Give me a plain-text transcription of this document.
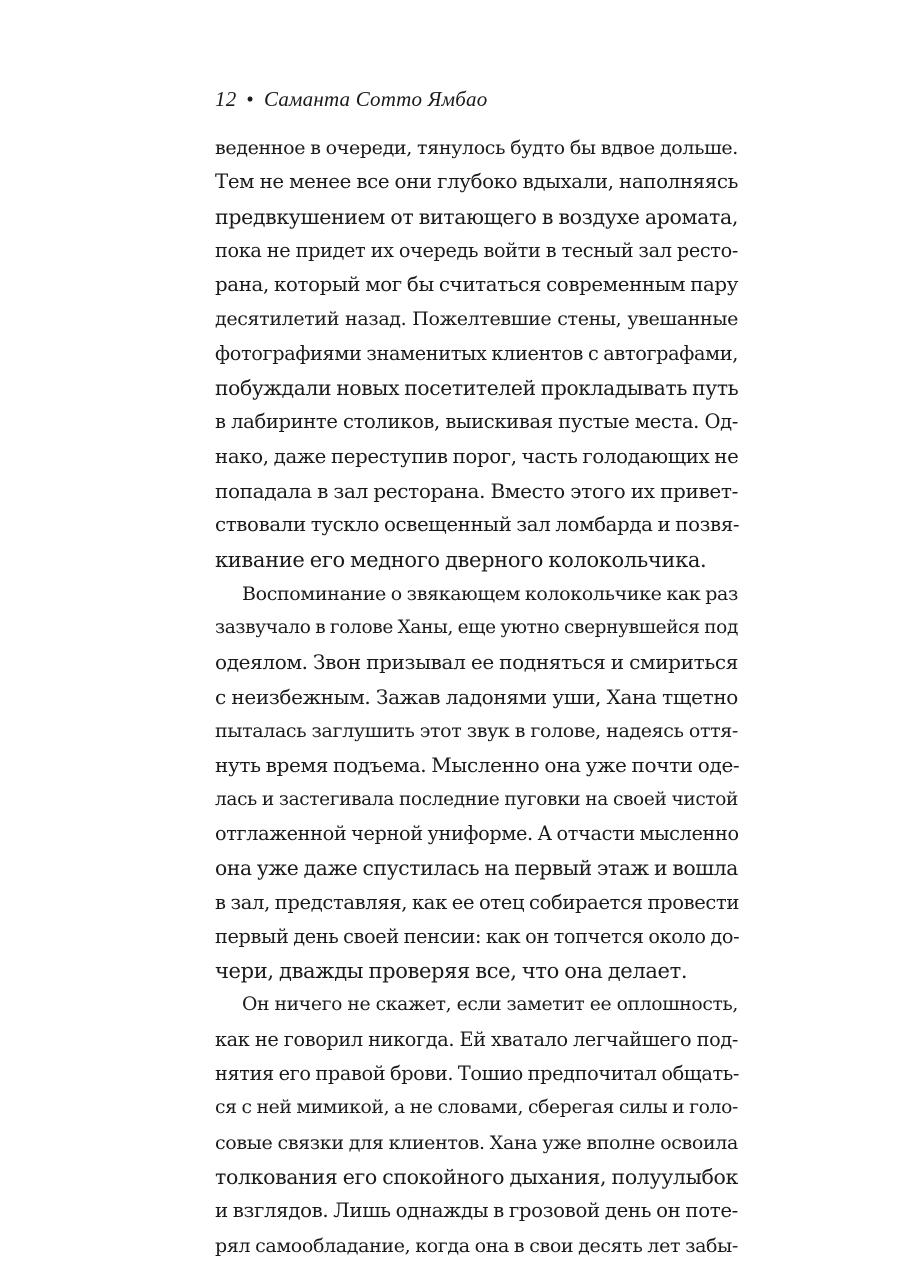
12 • Саманта Сотто Ямбао
веденное в очереди, тянулось будто бы вдвое дольше.
Тем не менее все они глубоко вдыхали, наполняясь
предвкушением от витающего в воздухе аромата,
пока не придет их очередь войти в тесный зал ресто-
рана, который мог бы считаться современным пару
десятилетий назад. Пожелтевшие стены, увешанные
фотографиями знаменитых клиентов с автографами,
побуждали новых посетителей прокладывать путь
в лабиринте столиков, выискивая пустые места. Од-
нако, даже переступив порог, часть голодающих не
попадала в зал ресторана. Вместо этого их привет-
ствовали тускло освещенный зал ломбарда и позвя-
кивание его медного дверного колокольчика.
Воспоминание о звякающем колокольчике как раз
зазвучало в голове Ханы, еще уютно свернувшейся под
одеялом. Звон призывал ее подняться и смириться
с неизбежным. Зажав ладонями уши, Хана тщетно
пыталась заглушить этот звук в голове, надеясь оття-
нуть время подъема. Мысленно она уже почти оде-
лась и застегивала последние пуговки на своей чистой
отглаженной черной униформе. А отчасти мысленно
она уже даже спустилась на первый этаж и вошла
в зал, представляя, как ее отец собирается провести
первый день своей пенсии: как он топчется около до-
чери, дважды проверяя все, что она делает.
Он ничего не скажет, если заметит ее оплошность,
как не говорил никогда. Ей хватало легчайшего под-
нятия его правой брови. Тошио предпочитал общать-
ся с ней мимикой, а не словами, сберегая силы и голо-
совые связки для клиентов. Хана уже вполне освоила
толкования его спокойного дыхания, полуулыбок
и взглядов. Лишь однажды в грозовой день он поте-
рял самообладание, когда она в свои десять лет забы-
